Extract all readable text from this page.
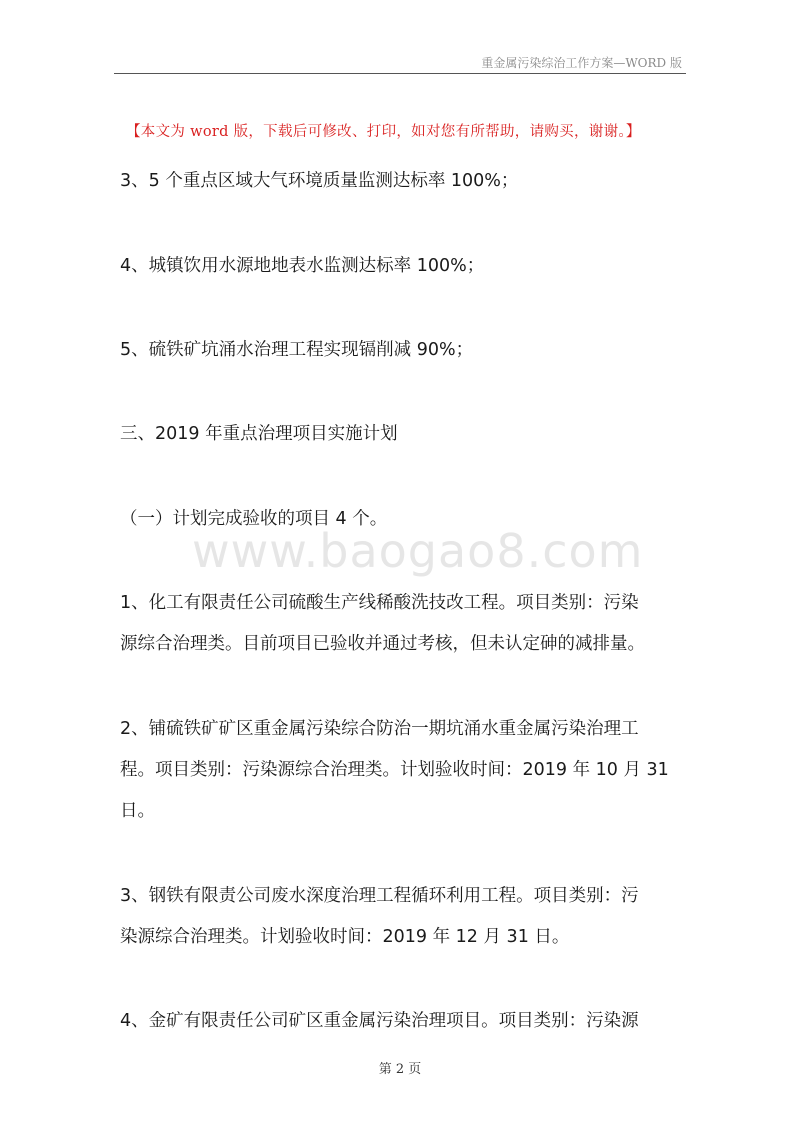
重金属污染综治工作方案—WORD 版
【本文为 word 版，下载后可修改、打印，如对您有所帮助，请购买，谢谢。】
www.baogao8.com

3、5 个重点区域大气环境质量监测达标率 100%；

4、城镇饮用水源地地表水监测达标率 100%；

5、硫铁矿坑涌水治理工程实现镉削减 90%；

三、2019 年重点治理项目实施计划

（一）计划完成验收的项目 4 个。

1、化工有限责任公司硫酸生产线稀酸洗技改工程。项目类别：污染

源综合治理类。目前项目已验收并通过考核，但未认定砷的减排量。

2、铺硫铁矿矿区重金属污染综合防治一期坑涌水重金属污染治理工

程。项目类别：污染源综合治理类。计划验收时间：2019 年 10 月 31

日。

3、钢铁有限责公司废水深度治理工程循环利用工程。项目类别：污

染源综合治理类。计划验收时间：2019 年 12 月 31 日。

4、金矿有限责任公司矿区重金属污染治理项目。项目类别：污染源

第 2 页
